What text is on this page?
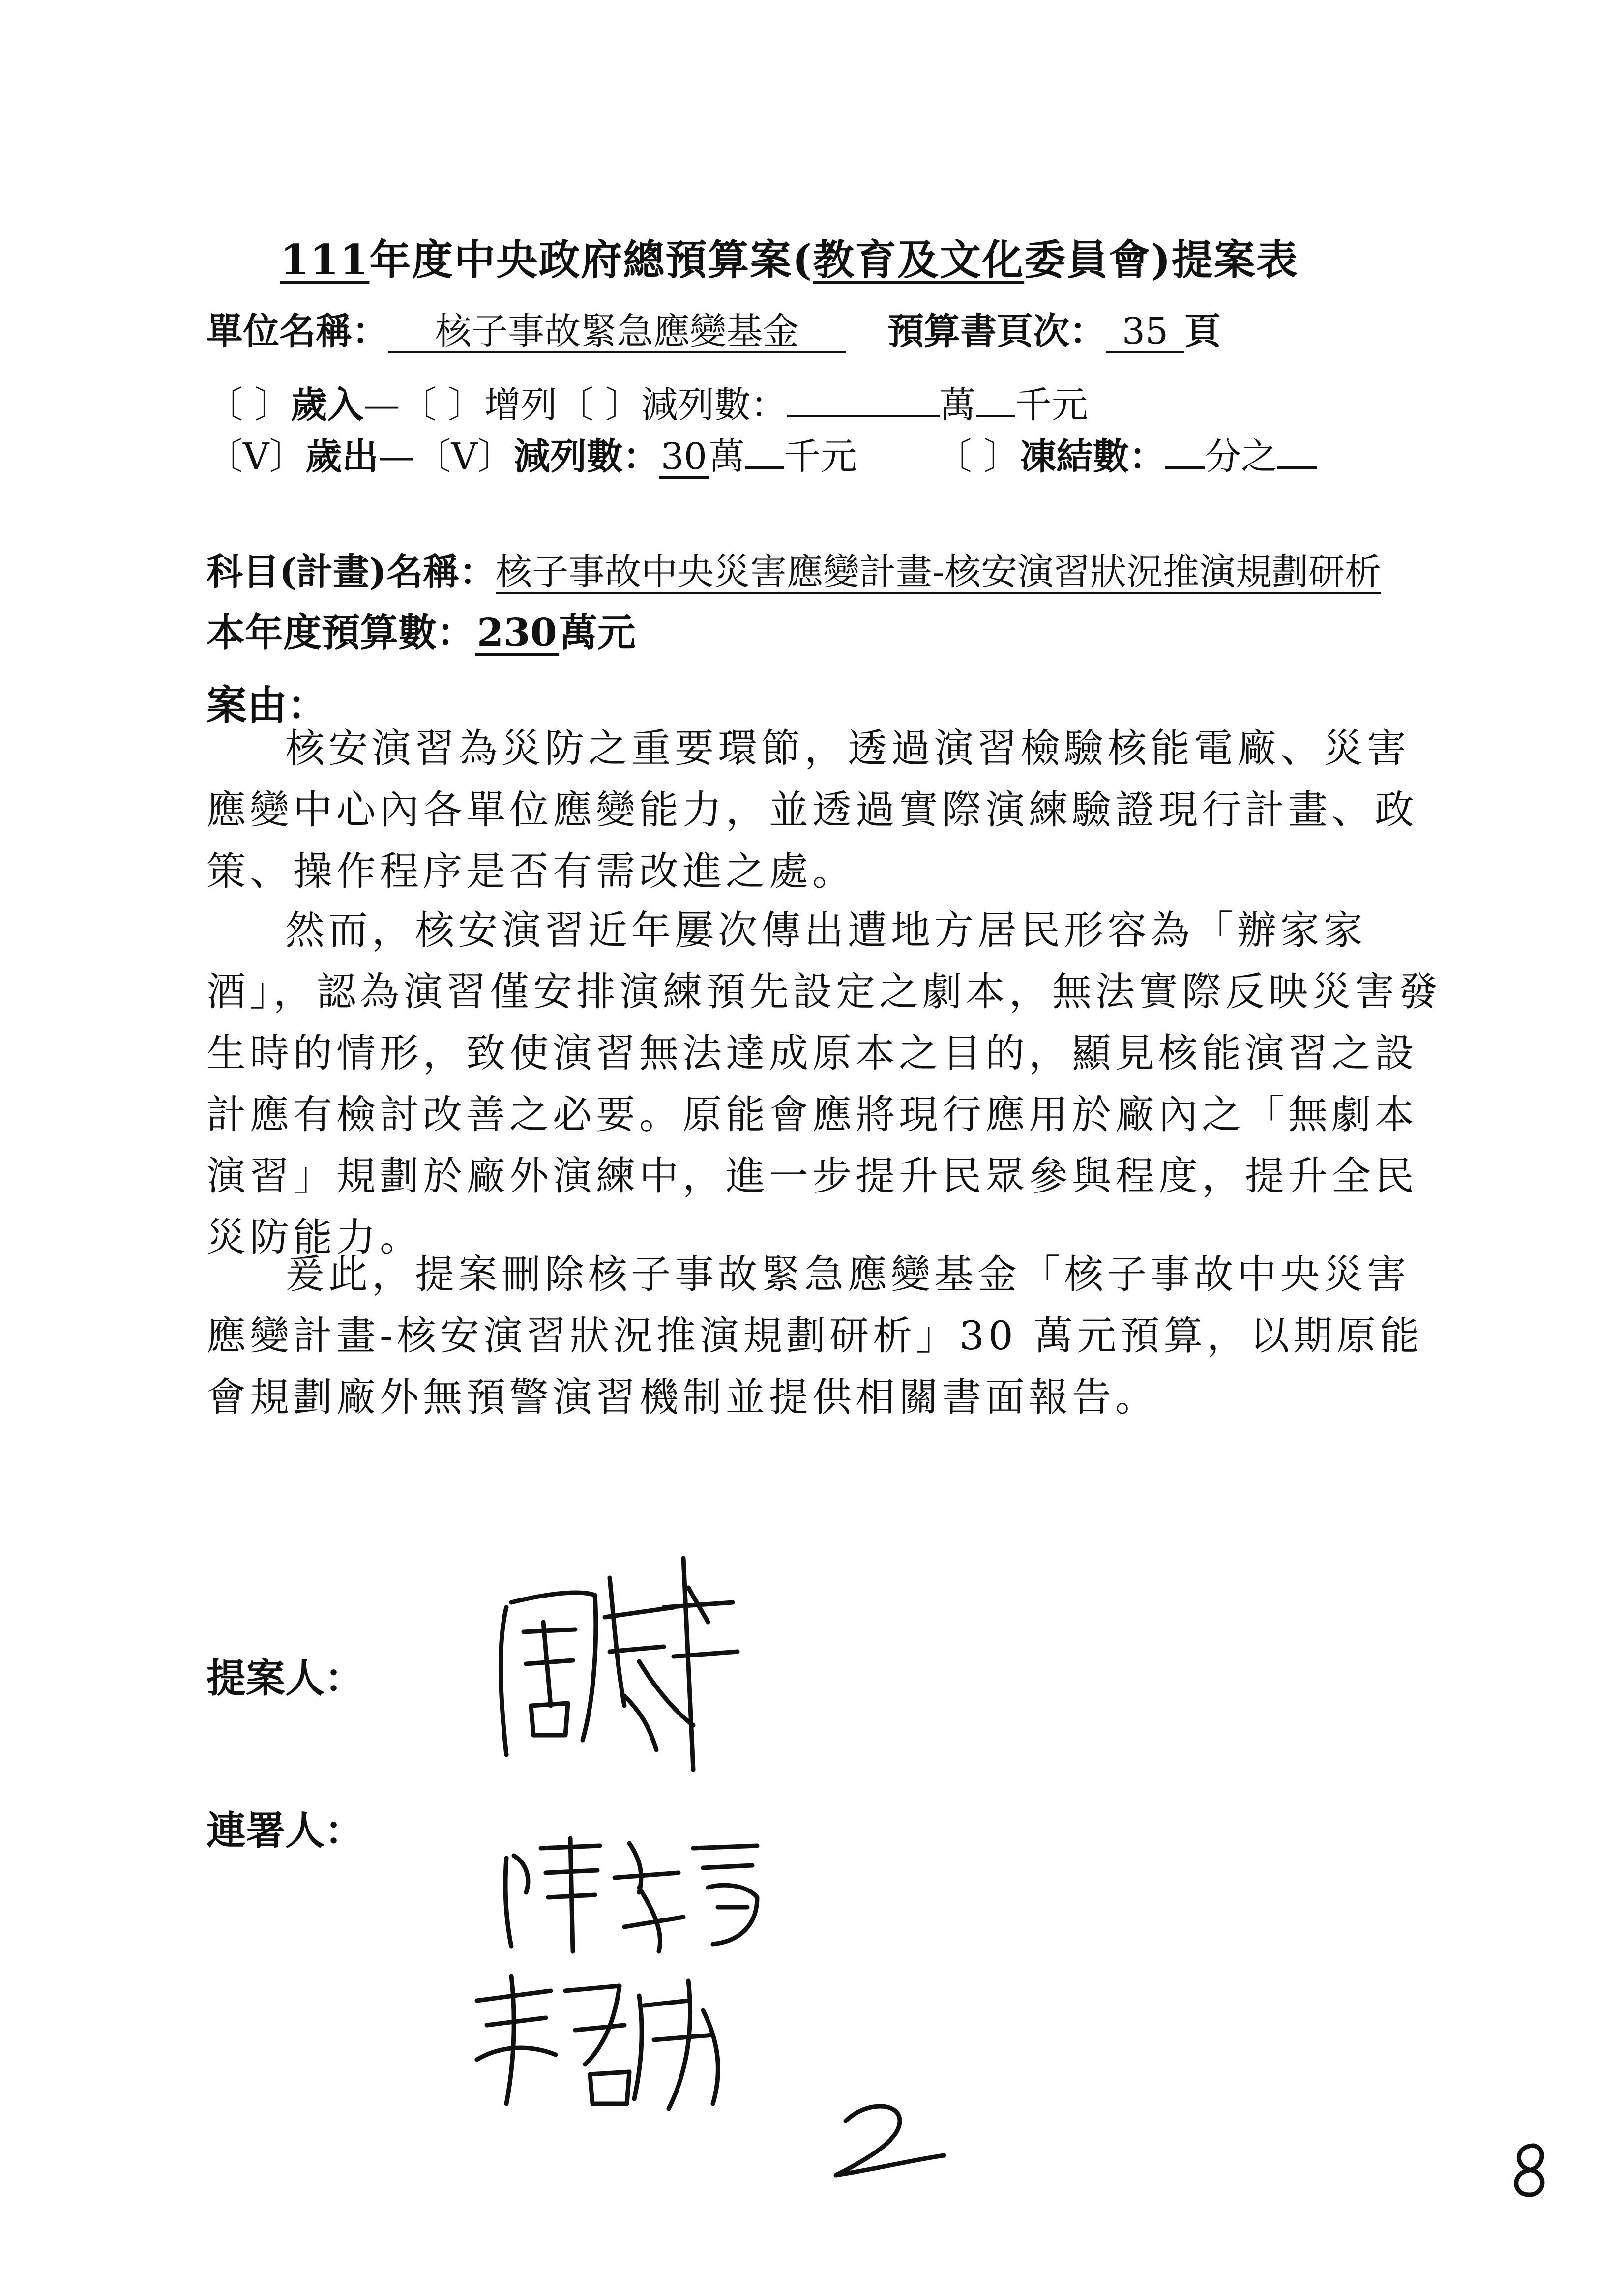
111年度中央政府總預算案(教育及文化委員會)提案表
單位名稱： 核子事故緊急應變基金 預算書頁次： 35 頁
〔 〕歲入—〔 〕增列〔 〕減列數：	萬 千元
〔V〕歲出—〔V〕減列數：30萬 千元 〔 〕凍結數： 分之
科目(計畫)名稱：核子事故中央災害應變計畫-核安演習狀況推演規劃研析
本年度預算數：230萬元
案由：

核安演習為災防之重要環節，透過演習檢驗核能電廠、災害應變中心內各單位應變能力，並透過實際演練驗證現行計畫、政策、操作程序是否有需改進之處。

然而，核安演習近年屢次傳出遭地方居民形容為「辦家家酒」，認為演習僅安排演練預先設定之劇本，無法實際反映災害發生時的情形，致使演習無法達成原本之目的，顯見核能演習之設計應有檢討改善之必要。原能會應將現行應用於廠內之「無劇本演習」規劃於廠外演練中，進一步提升民眾參與程度，提升全民災防能力。

爰此，提案刪除核子事故緊急應變基金「核子事故中央災害應變計畫-核安演習狀況推演規劃研析」30 萬元預算，以期原能會規劃廠外無預警演習機制並提供相關書面報告。

提案人：
連署人：
